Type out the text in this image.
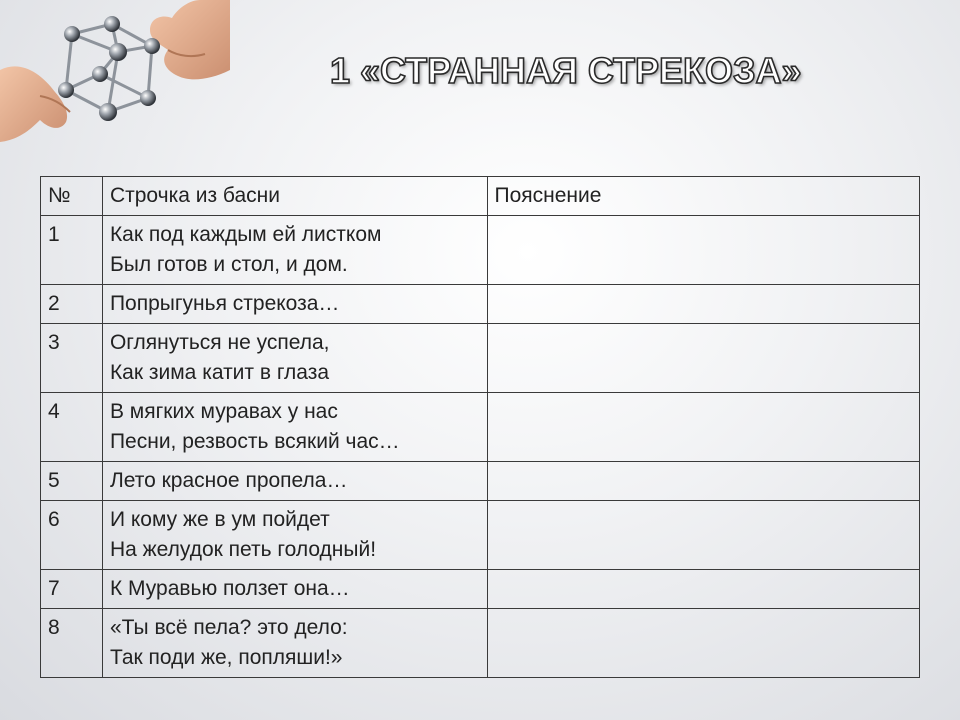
1 «СТРАННАЯ СТРЕКОЗА»
№	Строчка из басни	Пояснение
1	Как под каждым ей листком
Был готов и стол, и дом.	

2	Попрыгунья стрекоза…	

3	Оглянуться не успела,
Как зима катит в глаза	

4	В мягких муравах у нас
Песни, резвость всякий час…	

5	Лето красное пропела…	

6	И кому же в ум пойдет
На желудок петь голодный!	

7	К Муравью ползет она…	

8	«Ты всё пела? это дело:
Так поди же, попляши!»	
